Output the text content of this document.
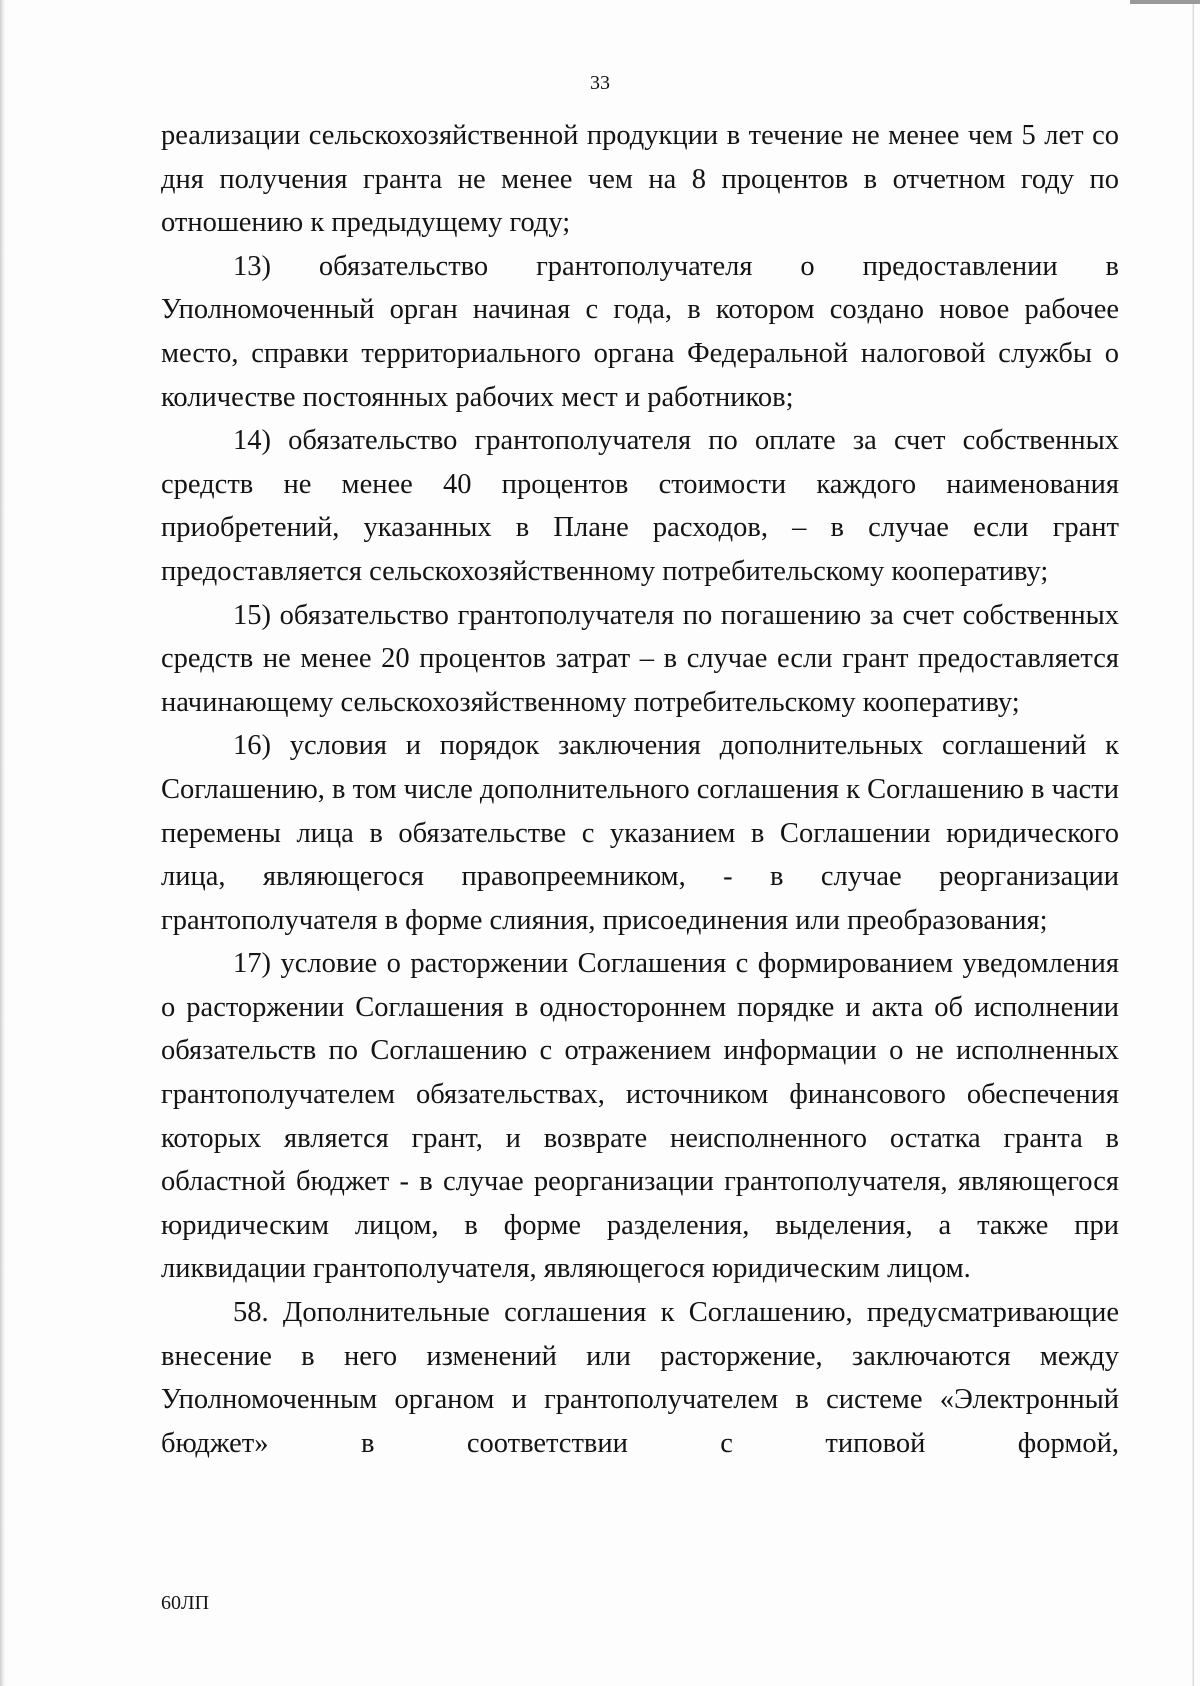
33

реализации сельскохозяйственной продукции в течение не менее чем 5 лет со дня получения гранта не менее чем на 8 процентов в отчетном году по отношению к предыдущему году;

13) обязательство грантополучателя о предоставлении в Уполномоченный орган начиная с года, в котором создано новое рабочее место, справки территориального органа Федеральной налоговой службы о количестве постоянных рабочих мест и работников;

14) обязательство грантополучателя по оплате за счет собственных средств не менее 40 процентов стоимости каждого наименования приобретений, указанных в Плане расходов, – в случае если грант предоставляется сельскохозяйственному потребительскому кооперативу;

15) обязательство грантополучателя по погашению за счет собственных средств не менее 20 процентов затрат – в случае если грант предоставляется начинающему сельскохозяйственному потребительскому кооперативу;

16) условия и порядок заключения дополнительных соглашений к Соглашению, в том числе дополнительного соглашения к Соглашению в части перемены лица в обязательстве с указанием в Соглашении юридического лица, являющегося правопреемником, - в случае реорганизации грантополучателя в форме слияния, присоединения или преобразования;

17) условие о расторжении Соглашения с формированием уведомления о расторжении Соглашения в одностороннем порядке и акта об исполнении обязательств по Соглашению с отражением информации о не исполненных грантополучателем обязательствах, источником финансового обеспечения которых является грант, и возврате неисполненного остатка гранта в областной бюджет - в случае реорганизации грантополучателя, являющегося юридическим лицом, в форме разделения, выделения, а также при ликвидации грантополучателя, являющегося юридическим лицом.

58. Дополнительные соглашения к Соглашению, предусматривающие внесение в него изменений или расторжение, заключаются между Уполномоченным органом и грантополучателем в системе «Электронный бюджет» в соответствии с типовой формой,

60ЛП
